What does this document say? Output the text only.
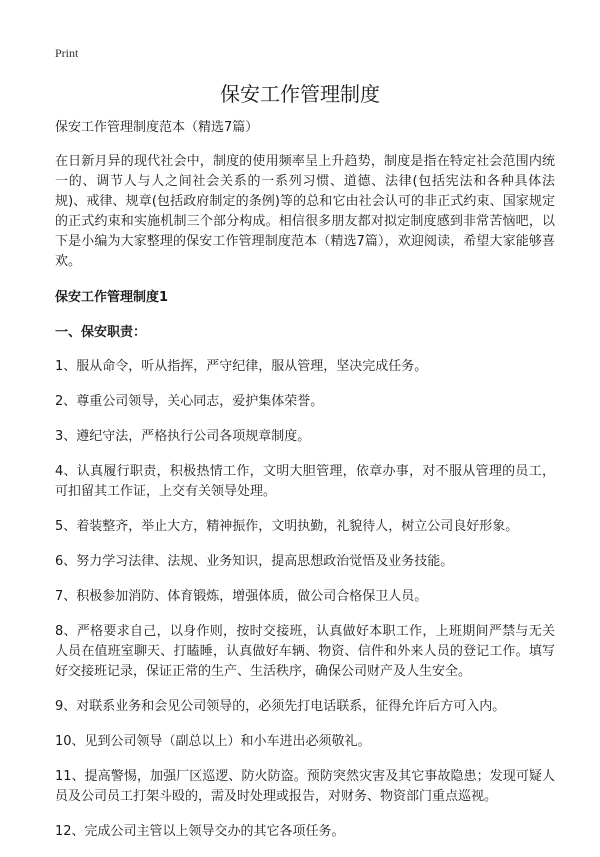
Print
保安工作管理制度

保安工作管理制度范本（精选7篇）

在日新月异的现代社会中，制度的使用频率呈上升趋势，制度是指在特定社会范围内统一的、调节人与人之间社会关系的一系列习惯、道德、法律(包括宪法和各种具体法规)、戒律、规章(包括政府制定的条例)等的总和它由社会认可的非正式约束、国家规定的正式约束和实施机制三个部分构成。相信很多朋友都对拟定制度感到非常苦恼吧，以下是小编为大家整理的保安工作管理制度范本（精选7篇），欢迎阅读，希望大家能够喜欢。

保安工作管理制度1

一、保安职责：

1、服从命令，听从指挥，严守纪律，服从管理，坚决完成任务。

2、尊重公司领导，关心同志，爱护集体荣誉。

3、遵纪守法，严格执行公司各项规章制度。

4、认真履行职责，积极热情工作，文明大胆管理，依章办事，对不服从管理的员工，可扣留其工作证，上交有关领导处理。

5、着装整齐，举止大方，精神振作，文明执勤，礼貌待人，树立公司良好形象。

6、努力学习法律、法规、业务知识，提高思想政治觉悟及业务技能。

7、积极参加消防、体育锻炼，增强体质，做公司合格保卫人员。

8、严格要求自己，以身作则，按时交接班，认真做好本职工作，上班期间严禁与无关人员在值班室聊天、打瞌睡，认真做好车辆、物资、信件和外来人员的登记工作。填写好交接班记录，保证正常的生产、生活秩序，确保公司财产及人生安全。

9、对联系业务和会见公司领导的，必须先打电话联系，征得允许后方可入内。

10、见到公司领导（副总以上）和小车进出必须敬礼。

11、提高警惕，加强厂区巡逻、防火防盗。预防突然灾害及其它事故隐患；发现可疑人员及公司员工打架斗殴的，需及时处理或报告，对财务、物资部门重点巡视。

12、完成公司主管以上领导交办的其它各项任务。
